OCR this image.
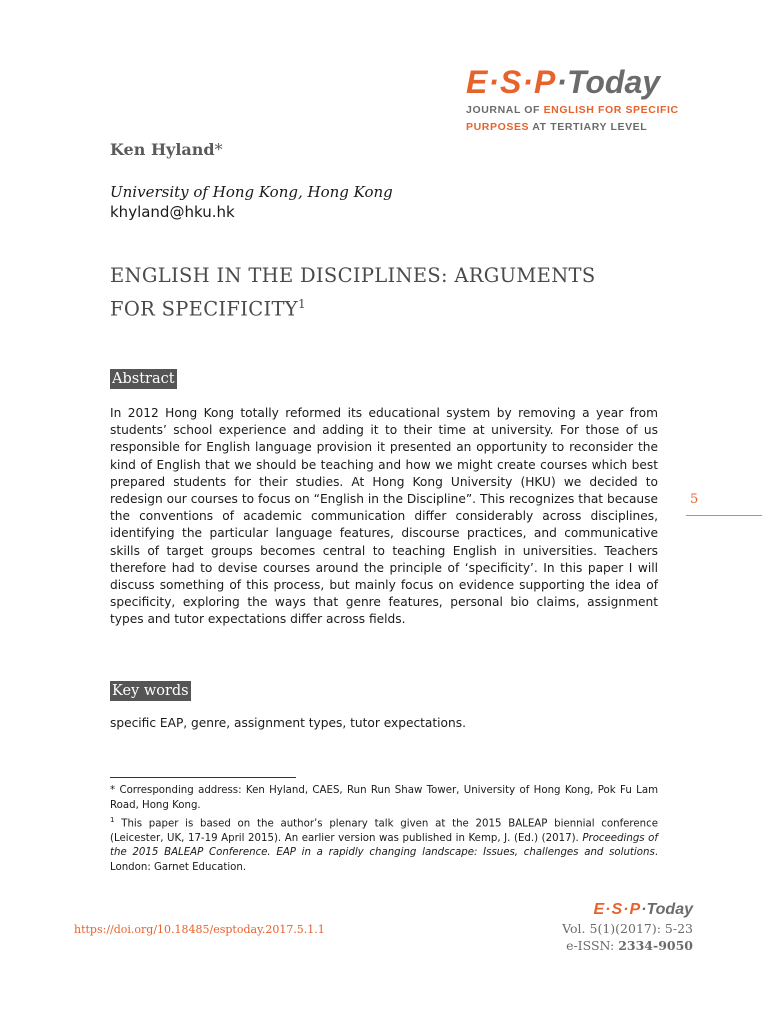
E·S·P·Today
JOURNAL OF ENGLISH FOR SPECIFIC
PURPOSES AT TERTIARY LEVEL
Ken Hyland*
University of Hong Kong, Hong Kong
khyland@hku.hk
ENGLISH IN THE DISCIPLINES: ARGUMENTS
FOR SPECIFICITY$^1$
Abstract
In 2012 Hong Kong totally reformed its educational system by removing a year from students’ school experience and adding it to their time at university. For those of us responsible for English language provision it presented an opportunity to reconsider the kind of English that we should be teaching and how we might create courses which best prepared students for their studies. At Hong Kong University (HKU) we decided to redesign our courses to focus on “English in the Discipline”. This recognizes that because the conventions of academic communication differ considerably across disciplines, identifying the particular language features, discourse practices, and communicative skills of target groups becomes central to teaching English in universities. Teachers therefore had to devise courses around the principle of ‘specificity’. In this paper I will discuss something of this process, but mainly focus on evidence supporting the idea of specificity, exploring the ways that genre features, personal bio claims, assignment types and tutor expectations differ across fields.
5
Key words
specific EAP, genre, assignment types, tutor expectations.

* Corresponding address: Ken Hyland, CAES, Run Run Shaw Tower, University of Hong Kong, Pok Fu Lam Road, Hong Kong.

$^1$ This paper is based on the author’s plenary talk given at the 2015 BALEAP biennial conference (Leicester, UK, 17-19 April 2015). An earlier version was published in Kemp, J. (Ed.) (2017). Proceedings of the 2015 BALEAP Conference. EAP in a rapidly changing landscape: Issues, challenges and solutions. London: Garnet Education.

https://doi.org/10.18485/esptoday.2017.5.1.1
E·S·P·Today
Vol. 5(1)(2017): 5-23
e-ISSN: 2334-9050
